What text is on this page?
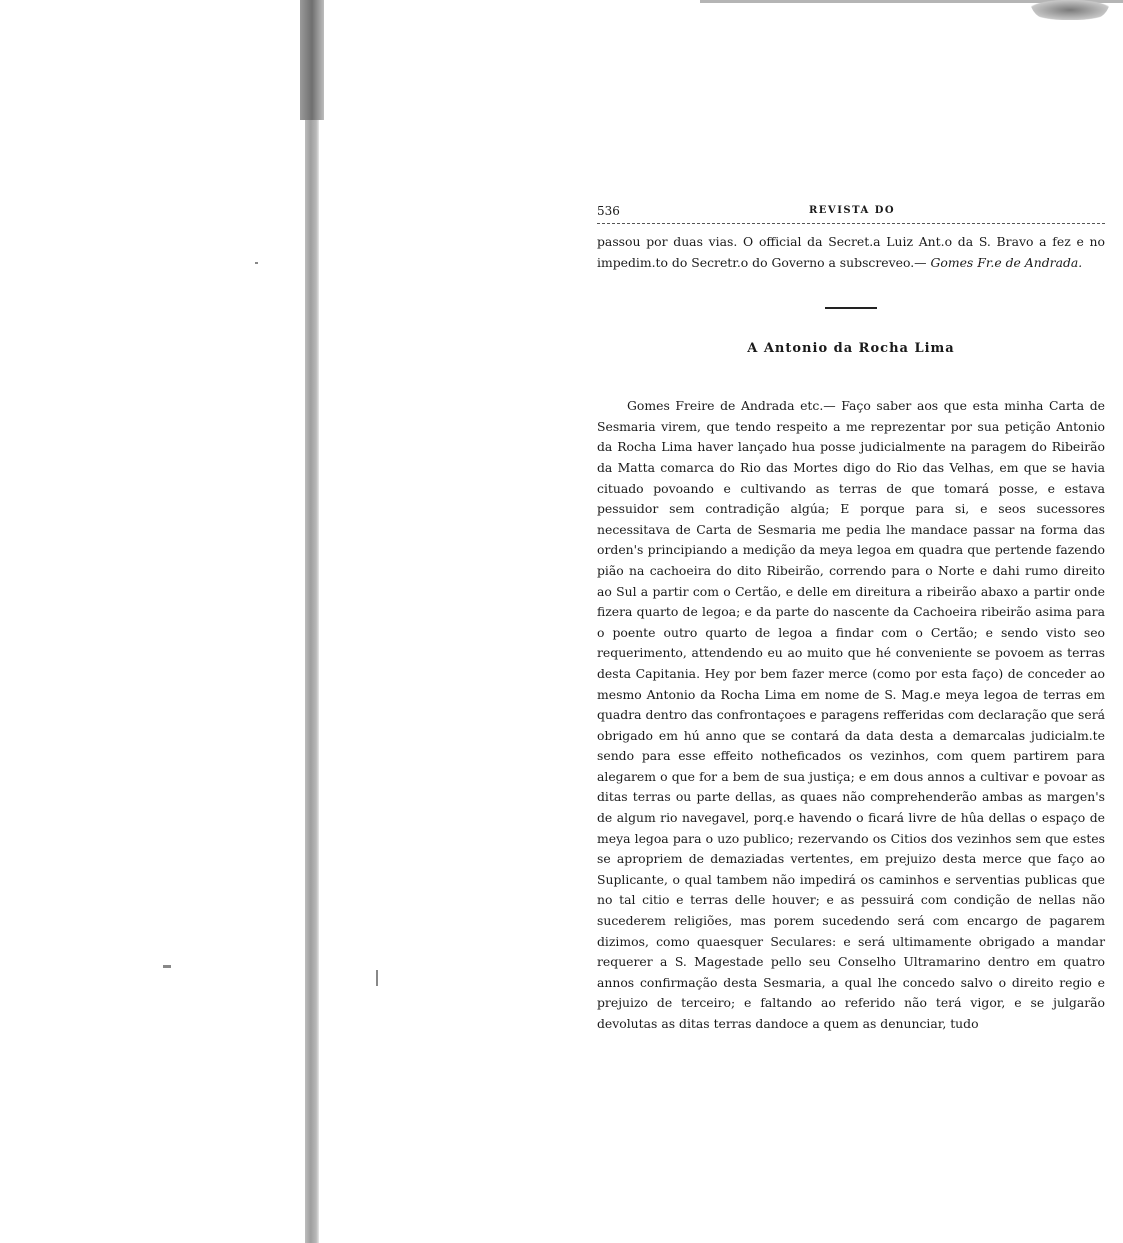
536	REVISTA DO

passou por duas vias. O official da Secret.a Luiz Ant.o da S. Bravo a fez e no impedim.to do Secretr.o do Governo a subscreveo.— Gomes Fr.e de Andrada.

A Antonio da Rocha Lima

Gomes Freire de Andrada etc.— Faço saber aos que esta minha Carta de Sesmaria virem, que tendo respeito a me reprezentar por sua petição Antonio da Rocha Lima haver lançado hua posse judicialmente na paragem do Ribeirão da Matta comarca do Rio das Mortes digo do Rio das Velhas, em que se havia cituado povoando e cultivando as terras de que tomará posse, e estava pessuidor sem contradição algúa; E porque para si, e seos sucessores necessitava de Carta de Sesmaria me pedia lhe mandace passar na forma das orden's principiando a medição da meya legoa em quadra que pertende fazendo pião na cachoeira do dito Ribeirão, correndo para o Norte e dahi rumo direito ao Sul a partir com o Certão, e delle em direitura a ribeirão abaxo a partir onde fizera quarto de legoa; e da parte do nascente da Cachoeira ribeirão asima para o poente outro quarto de legoa a findar com o Certão; e sendo visto seo requerimento, attendendo eu ao muito que hé conveniente se povoem as terras desta Capitania. Hey por bem fazer merce (como por esta faço) de conceder ao mesmo Antonio da Rocha Lima em nome de S. Mag.e meya legoa de terras em quadra dentro das confrontaçoes e paragens refferidas com declaração que será obrigado em hú anno que se contará da data desta a demarcalas judicialm.te sendo para esse effeito notheficados os vezinhos, com quem partirem para alegarem o que for a bem de sua justiça; e em dous annos a cultivar e povoar as ditas terras ou parte dellas, as quaes não comprehenderão ambas as margen's de algum rio navegavel, porq.e havendo o ficará livre de hûa dellas o espaço de meya legoa para o uzo publico; rezervando os Citios dos vezinhos sem que estes se apropriem de demaziadas vertentes, em prejuizo desta merce que faço ao Suplicante, o qual tambem não impedirá os caminhos e serventias publicas que no tal citio e terras delle houver; e as pessuirá com condição de nellas não sucederem religiões, mas porem sucedendo será com encargo de pagarem dizimos, como quaesquer Seculares: e será ultimamente obrigado a mandar requerer a S. Magestade pello seu Conselho Ultramarino dentro em quatro annos confirmação desta Sesmaria, a qual lhe concedo salvo o direito regio e prejuizo de terceiro; e faltando ao referido não terá vigor, e se julgarão devolutas as ditas terras dandoce a quem as denunciar, tudo
